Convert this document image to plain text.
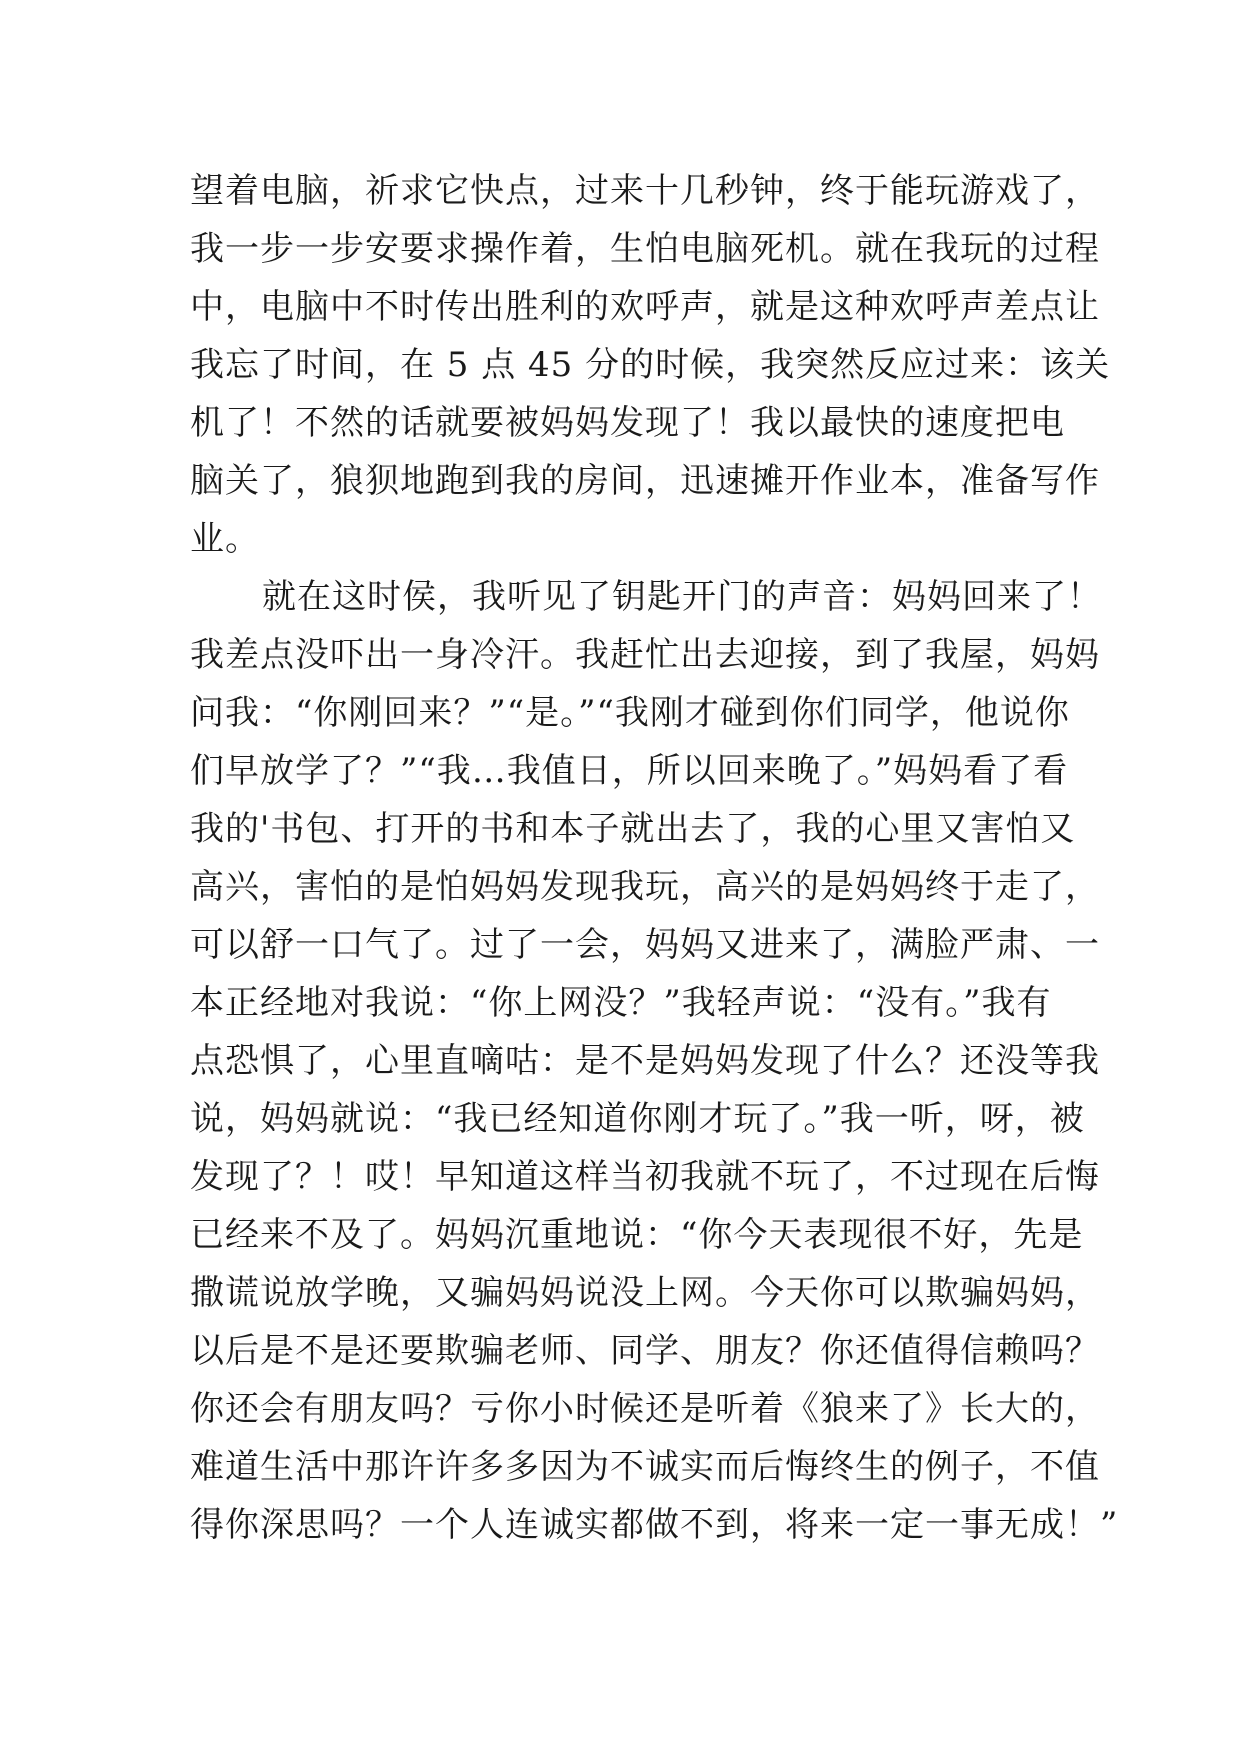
望着电脑，祈求它快点，过来十几秒钟，终于能玩游戏了，
我一步一步安要求操作着，生怕电脑死机。就在我玩的过程
中，电脑中不时传出胜利的欢呼声，就是这种欢呼声差点让
我忘了时间，在 5 点 45 分的时候，我突然反应过来：该关
机了！不然的话就要被妈妈发现了！我以最快的速度把电
脑关了，狼狈地跑到我的房间，迅速摊开作业本，准备写作
业。
就在这时侯，我听见了钥匙开门的声音：妈妈回来了！
我差点没吓出一身冷汗。我赶忙出去迎接，到了我屋，妈妈
问我：“你刚回来？”“是。”“我刚才碰到你们同学，他说你
们早放学了？”“我…我值日，所以回来晚了。”妈妈看了看
我的'书包、打开的书和本子就出去了，我的心里又害怕又
高兴，害怕的是怕妈妈发现我玩，高兴的是妈妈终于走了，
可以舒一口气了。过了一会，妈妈又进来了，满脸严肃、一
本正经地对我说：“你上网没？”我轻声说：“没有。”我有
点恐惧了，心里直嘀咕：是不是妈妈发现了什么？还没等我
说，妈妈就说：“我已经知道你刚才玩了。”我一听，呀，被
发现了？！哎！早知道这样当初我就不玩了，不过现在后悔
已经来不及了。妈妈沉重地说：“你今天表现很不好，先是
撒谎说放学晚，又骗妈妈说没上网。今天你可以欺骗妈妈，
以后是不是还要欺骗老师、同学、朋友？你还值得信赖吗？
你还会有朋友吗？亏你小时候还是听着《狼来了》长大的，
难道生活中那许许多多因为不诚实而后悔终生的例子，不值
得你深思吗？一个人连诚实都做不到，将来一定一事无成！”
